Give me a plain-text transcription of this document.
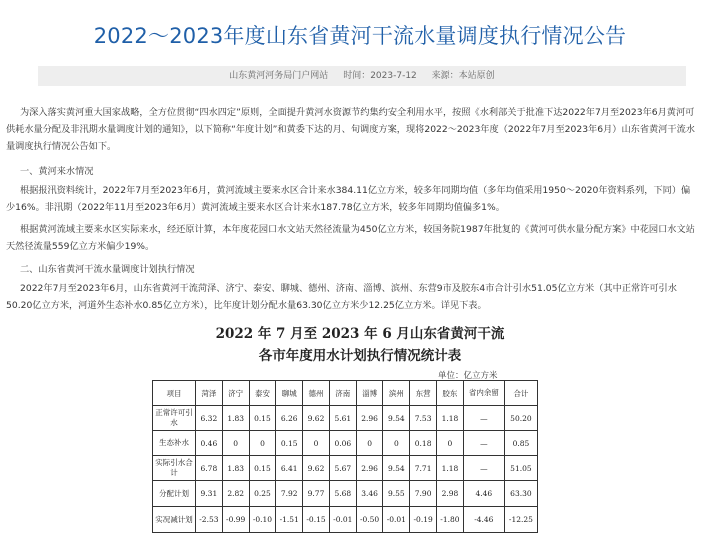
2022～2023年度山东省黄河干流水量调度执行情况公告
山东黄河河务局门户网站 时间：2023-7-12 来源：本站原创
为深入落实黄河重大国家战略，全方位贯彻“四水四定”原则，全面提升黄河水资源节约集约安全利用水平，按照《水利部关于批准下达2022年7月至2023年6月黄河可供耗水量分配及非汛期水量调度计划的通知》，以下简称“年度计划”和黄委下达的月、旬调度方案，现将2022～2023年度（2022年7月至2023年6月）山东省黄河干流水量调度执行情况公告如下。
一、黄河来水情况
根据报汛资料统计，2022年7月至2023年6月，黄河流域主要来水区合计来水384.11亿立方米，较多年同期均值（多年均值采用1950～2020年资料系列，下同）偏少16%。非汛期（2022年11月至2023年6月）黄河流域主要来水区合计来水187.78亿立方米，较多年同期均值偏多1%。
根据黄河流域主要来水区实际来水，经还原计算，本年度花园口水文站天然径流量为450亿立方米，较国务院1987年批复的《黄河可供水量分配方案》中花园口水文站天然径流量559亿立方米偏少19%。
二、山东省黄河干流水量调度计划执行情况
2022年7月至2023年6月，山东省黄河干流菏泽、济宁、泰安、聊城、德州、济南、淄博、滨州、东营9市及胶东4市合计引水51.05亿立方米（其中正常许可引水50.20亿立方米，河道外生态补水0.85亿立方米），比年度计划分配水量63.30亿立方米少12.25亿立方米。详见下表。
2022 年 7 月至 2023 年 6 月山东省黄河干流
各市年度用水计划执行情况统计表
单位：亿立方米
项目	菏泽	济宁	泰安	聊城	德州	济南	淄博	滨州	东营	胶东	省内余留	合计
正常许可引水	6.32	1.83	0.15	6.26	9.62	5.61	2.96	9.54	7.53	1.18	—	50.20
生态补水	0.46	0	0	0.15	0	0.06	0	0	0.18	0	—	0.85
实际引水合计	6.78	1.83	0.15	6.41	9.62	5.67	2.96	9.54	7.71	1.18	—	51.05
分配计划	9.31	2.82	0.25	7.92	9.77	5.68	3.46	9.55	7.90	2.98	4.46	63.30
实况减计划	-2.53	-0.99	-0.10	-1.51	-0.15	-0.01	-0.50	-0.01	-0.19	-1.80	-4.46	-12.25
